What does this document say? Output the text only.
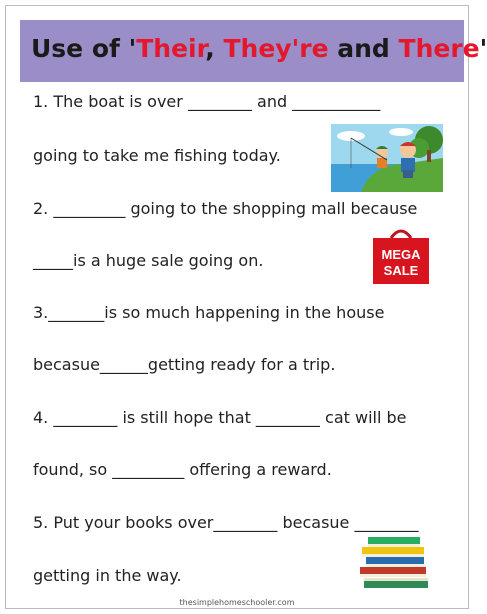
Use of 'Their, They're and There'
1. The boat is over ________ and ___________
going to take me fishing today.
2. _________ going to the shopping mall because
_____is a huge sale going on.
3._______is so much happening in the house
becasue______getting ready for a trip.
4. ________ is still hope that ________ cat will be
found, so _________ offering a reward.
5. Put your books over________ becasue ________
getting in the way.
MEGA
SALE
thesimplehomeschooler.com
